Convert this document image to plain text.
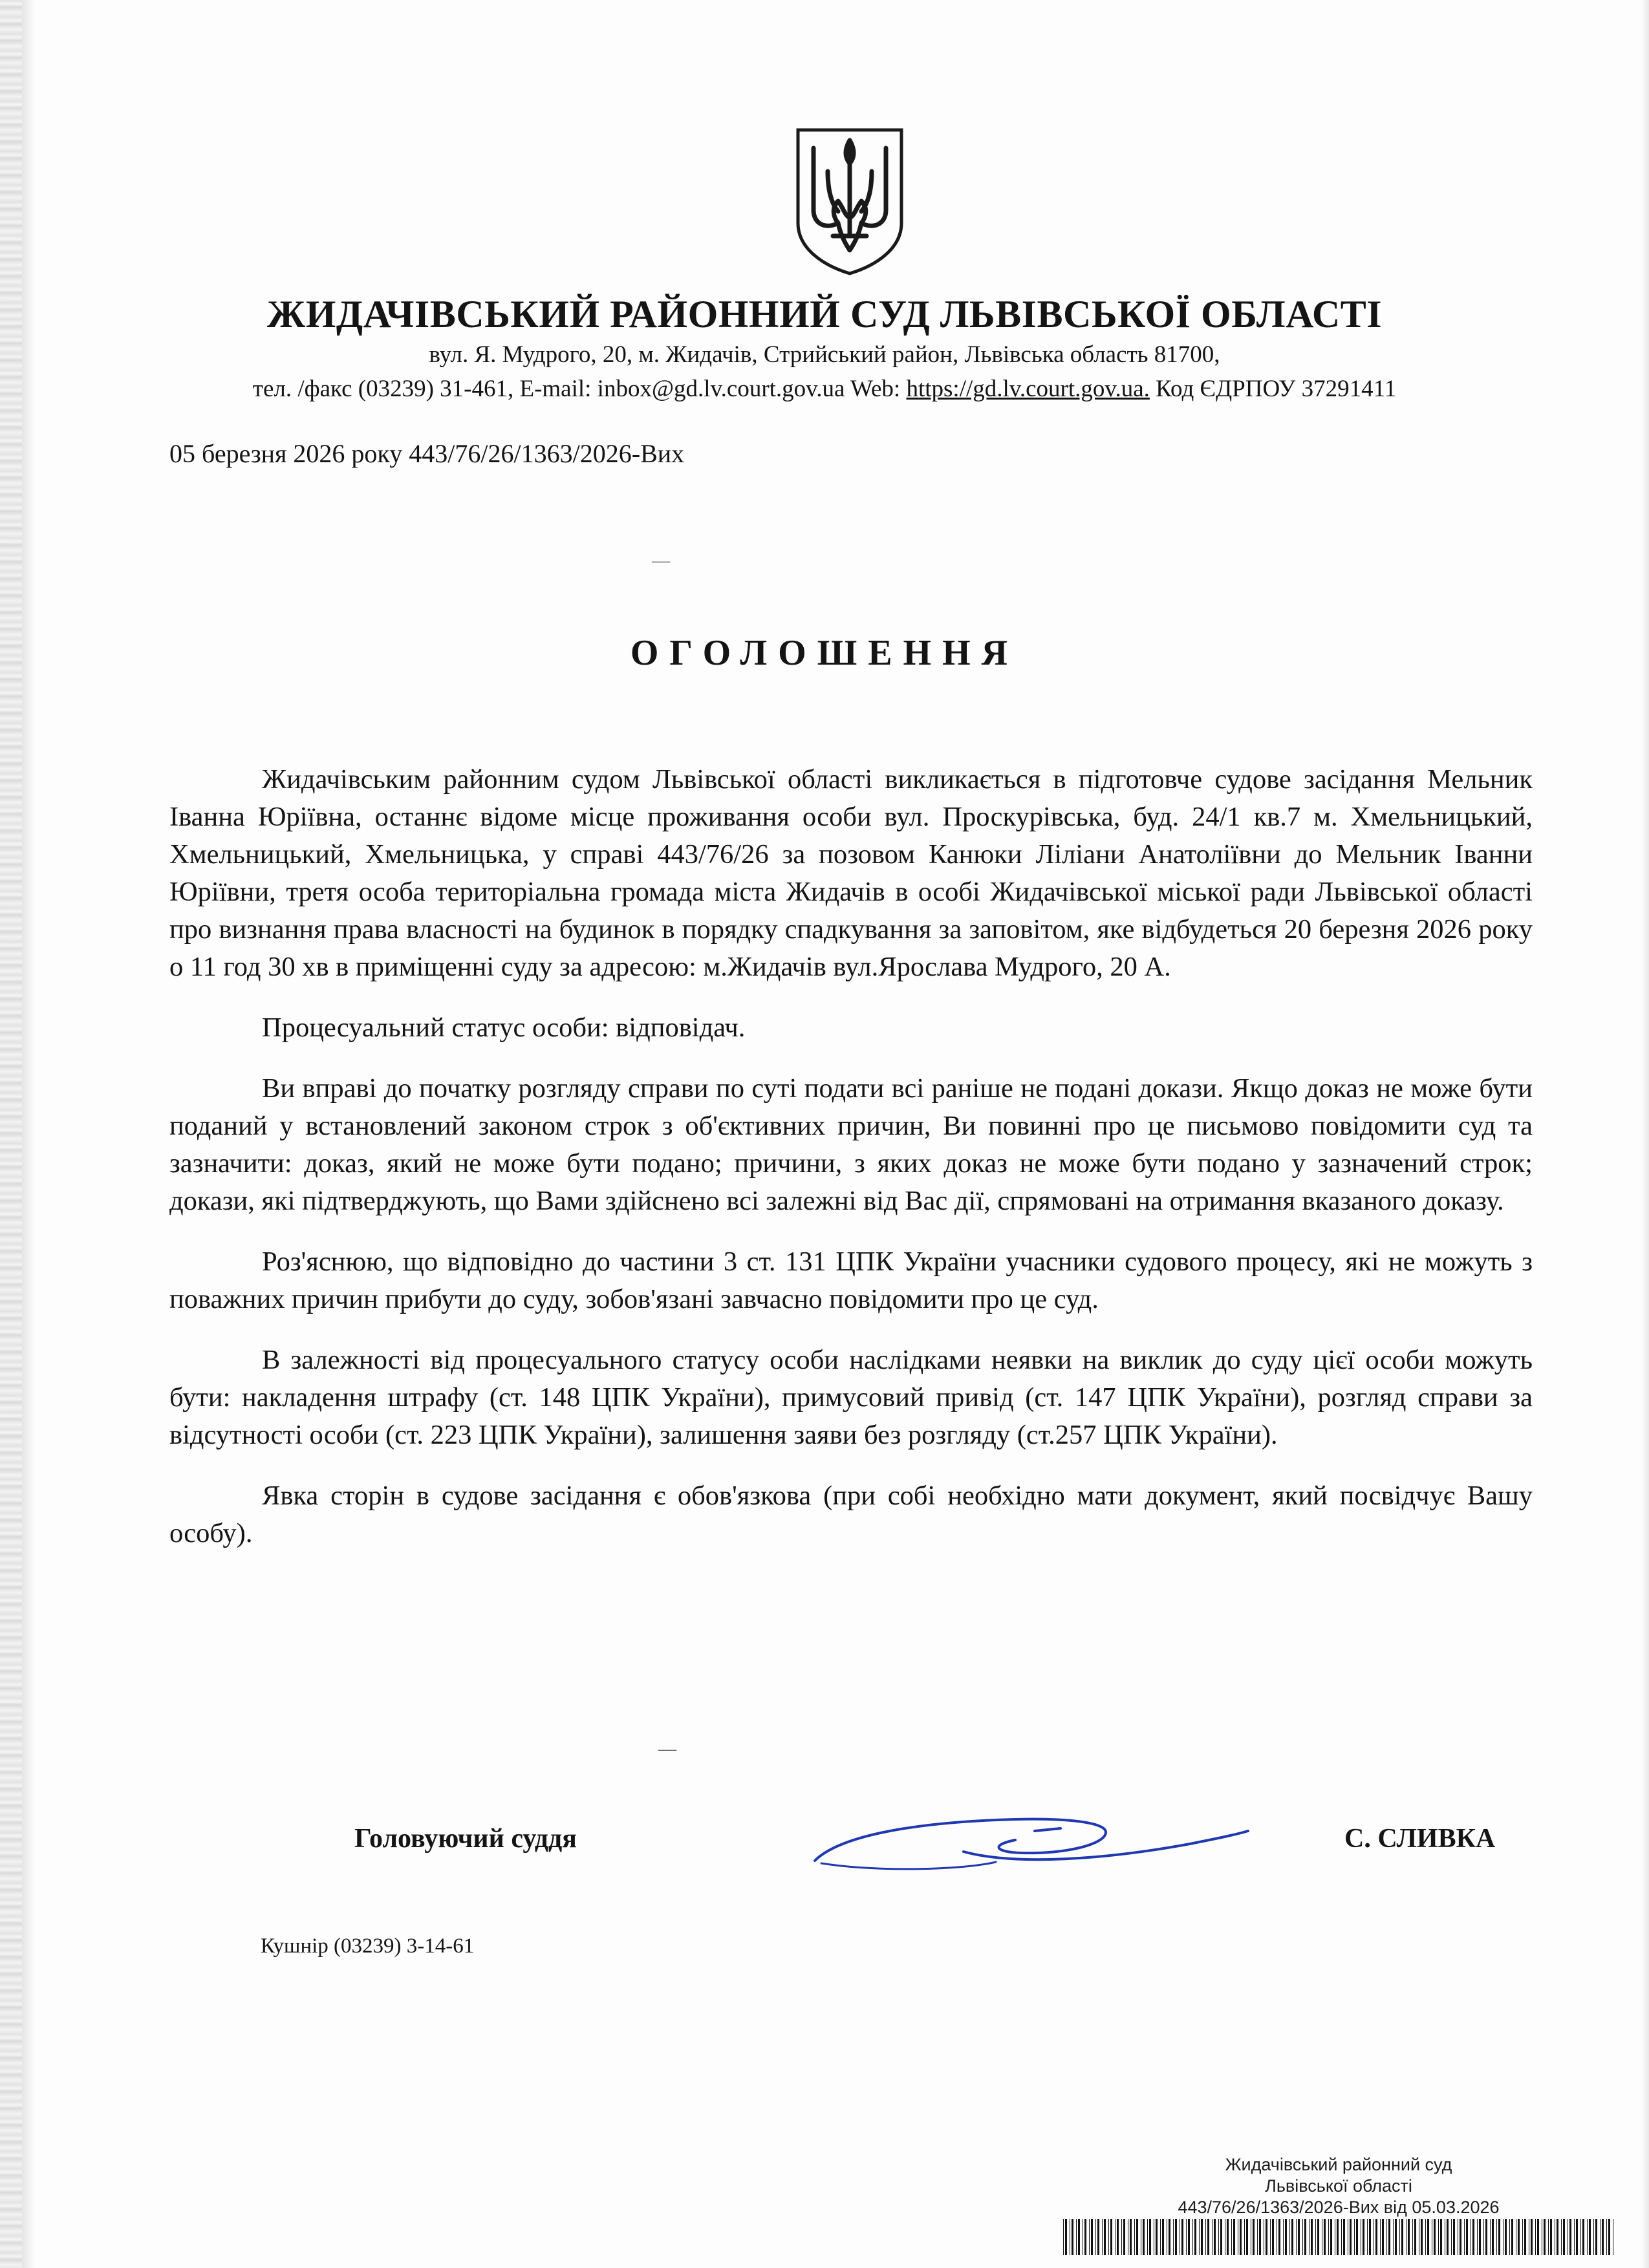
ЖИДАЧІВСЬКИЙ РАЙОННИЙ СУД ЛЬВІВСЬКОЇ ОБЛАСТІ

вул. Я. Мудрого, 20, м. Жидачів, Стрийський район, Львівська область 81700,

тел. /факс (03239) 31-461, E-mail: inbox@gd.lv.court.gov.ua Web: https://gd.lv.court.gov.ua. Код ЄДРПОУ 37291411

05 березня 2026 року 443/76/26/1363/2026-Вих
—
ОГОЛОШЕННЯ

Жидачівським районним судом Львівської області викликається в підготовче судове засідання Мельник Іванна Юріївна, останнє відоме місце проживання особи вул. Проскурівська, буд. 24/1 кв.7 м. Хмельницький, Хмельницький, Хмельницька, у справі 443/76/26 за позовом Канюки Ліліани Анатоліївни до Мельник Іванни Юріївни, третя особа територіальна громада міста Жидачів в особі Жидачівської міської ради Львівської області про визнання права власності на будинок в порядку спадкування за заповітом, яке відбудеться 20 березня 2026 року о 11 год 30 хв в приміщенні суду за адресою: м.Жидачів вул.Ярослава Мудрого, 20 А.

Процесуальний статус особи: відповідач.

Ви вправі до початку розгляду справи по суті подати всі раніше не подані докази. Якщо доказ не може бути поданий у встановлений законом строк з об'єктивних причин, Ви повинні про це письмово повідомити суд та зазначити: доказ, який не може бути подано; причини, з яких доказ не може бути подано у зазначений строк; докази, які підтверджують, що Вами здійснено всі залежні від Вас дії, спрямовані на отримання вказаного доказу.

Роз'яснюю, що відповідно до частини 3 ст. 131 ЦПК України учасники судового процесу, які не можуть з поважних причин прибути до суду, зобов'язані завчасно повідомити про це суд.

В залежності від процесуального статусу особи наслідками неявки на виклик до суду цієї особи можуть бути: накладення штрафу (ст. 148 ЦПК України), примусовий привід (ст. 147 ЦПК України), розгляд справи за відсутності особи (ст. 223 ЦПК України), залишення заяви без розгляду (ст.257 ЦПК України).

Явка сторін в судове засідання є обов'язкова (при собі необхідно мати документ, який посвідчує Вашу особу).

—
Головуючий суддя	С. СЛИВКА
Кушнір (03239) 3-14-61
Жидачівський районний суд
Львівської області
443/76/26/1363/2026-Вих від 05.03.2026
